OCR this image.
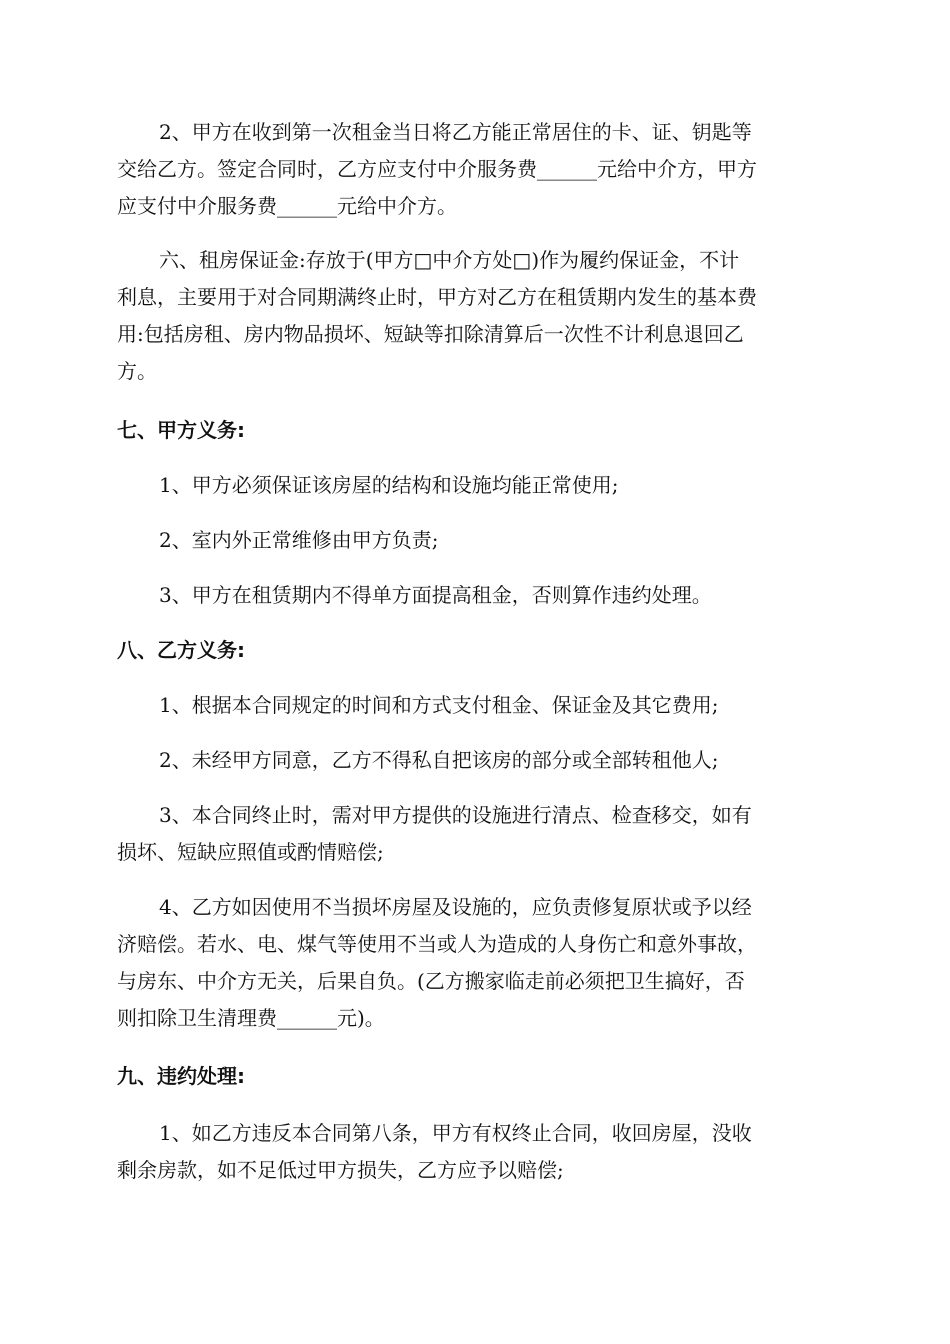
2、甲方在收到第一次租金当日将乙方能正常居住的卡、证、钥匙等
交给乙方。签定合同时，乙方应支付中介服务费______元给中介方，甲方
应支付中介服务费______元给中介方。

六、租房保证金:存放于(甲方□中介方处□)作为履约保证金，不计
利息，主要用于对合同期满终止时，甲方对乙方在租赁期内发生的基本费
用:包括房租、房内物品损坏、短缺等扣除清算后一次性不计利息退回乙
方。

七、甲方义务:

1、甲方必须保证该房屋的结构和设施均能正常使用;

2、室内外正常维修由甲方负责;

3、甲方在租赁期内不得单方面提高租金，否则算作违约处理。

八、乙方义务:

1、根据本合同规定的时间和方式支付租金、保证金及其它费用;

2、未经甲方同意，乙方不得私自把该房的部分或全部转租他人;

3、本合同终止时，需对甲方提供的设施进行清点、检查移交，如有
损坏、短缺应照值或酌情赔偿;

4、乙方如因使用不当损坏房屋及设施的，应负责修复原状或予以经
济赔偿。若水、电、煤气等使用不当或人为造成的人身伤亡和意外事故，
与房东、中介方无关，后果自负。(乙方搬家临走前必须把卫生搞好，否
则扣除卫生清理费______元)。

九、违约处理:

1、如乙方违反本合同第八条，甲方有权终止合同，收回房屋，没收
剩余房款，如不足低过甲方损失，乙方应予以赔偿;
